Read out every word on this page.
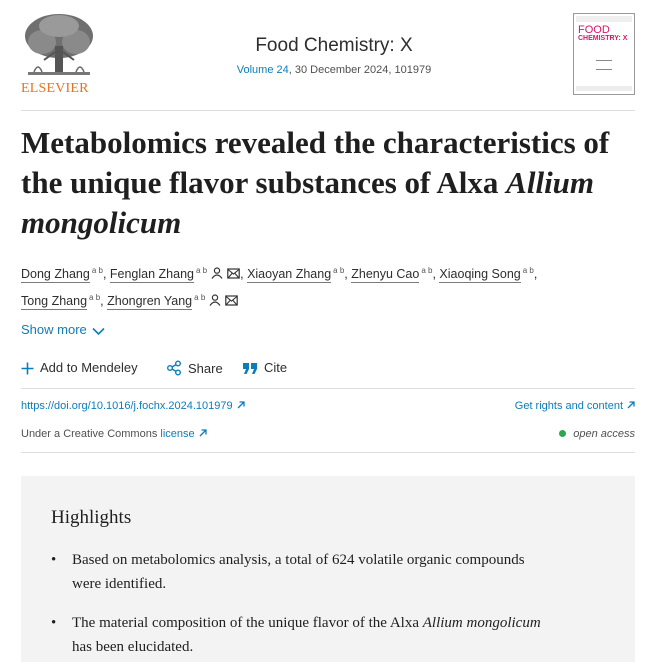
ELSEVIER
Food Chemistry: X
Volume 24, 30 December 2024, 101979
FOOD
CHEMISTRY: X
Metabolomics revealed the characteristics of the unique flavor substances of Alxa Allium mongolicum
Dong Zhang $^{a b}$, Fenglan Zhang $^{a b}$	, Xiaoyan Zhang $^{a b}$, Zhenyu Cao $^{a b}$, Xiaoqing Song $^{a b}$,
Tong Zhang $^{a b}$, Zhongren Yang $^{a b}$
Show more
Add to Mendeley	Share	Cite
https://doi.org/10.1016/j.fochx.2024.101979	Get rights and content
Under a Creative Commons license	open access
Highlights
• Based on metabolomics analysis, a total of 624 volatile organic compounds were identified.
• The material composition of the unique flavor of the Alxa Allium mongolicum has been elucidated.
